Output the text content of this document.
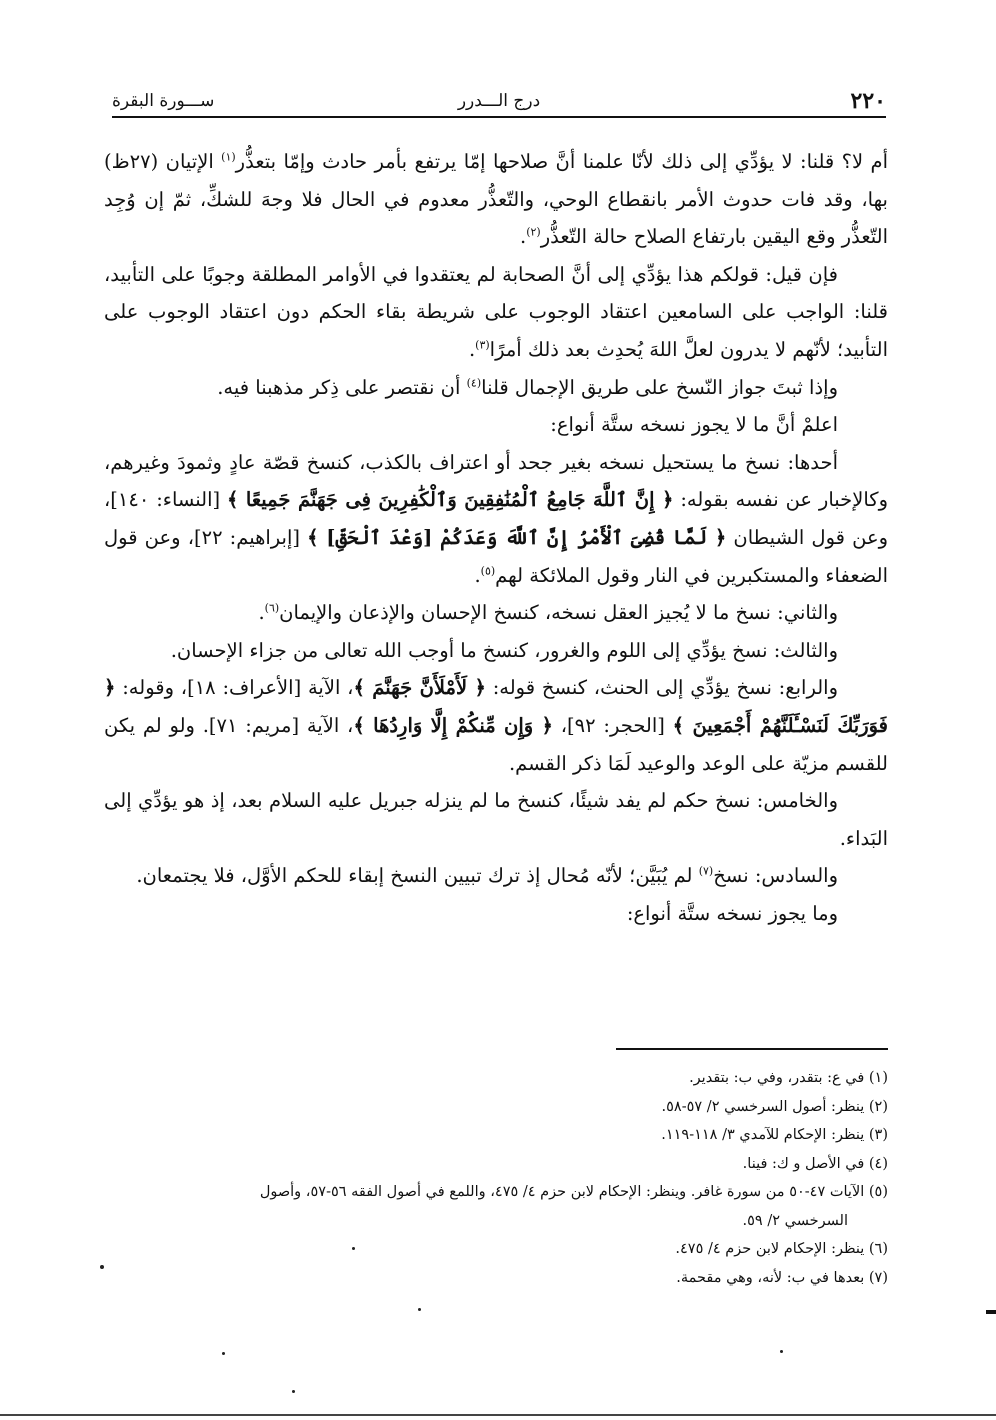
٢٢٠
درج الـــدرر
ســـورة البقرة

أم لا؟ قلنا: لا يؤدِّي إلى ذلك لأنّا علمنا أنَّ صلاحها إمّا يرتفع بأمر حادث وإمّا بتعذُّر$^{(١)}$ الإتيان (٢٧ظ) بها، وقد فات حدوث الأمر بانقطاع الوحي، والتّعذُّر معدوم في الحال فلا وجهَ للشكِّ، ثمّ إن وُجِد التّعذُّر وقع اليقين بارتفاع الصلاح حالة التّعذُّر$^{(٢)}$.

فإن قيل: قولكم هذا يؤدِّي إلى أنَّ الصحابة لم يعتقدوا في الأوامر المطلقة وجوبًا على التأبيد، قلنا: الواجب على السامعين اعتقاد الوجوب على شريطة بقاء الحكم دون اعتقاد الوجوب على التأبيد؛ لأنّهم لا يدرون لعلَّ اللهَ يُحدِث بعد ذلك أمرًا$^{(٣)}$.

وإذا ثبتَ جواز النّسخ على طريق الإجمال قلنا$^{(٤)}$ أن نقتصر على ذِكر مذهبنا فيه.

اعلمْ أنَّ ما لا يجوز نسخه ستَّة أنواع:

أحدها: نسخ ما يستحيل نسخه بغير جحد أو اعتراف بالكذب، كنسخ قصّة عادٍ وثمودَ وغيرهم، وكالإخبار عن نفسه بقوله: ﴿ إِنَّ ٱللَّهَ جَامِعُ ٱلْمُنَٰفِقِينَ وَٱلْكَٰفِرِينَ فِى جَهَنَّمَ جَمِيعًا ﴾ [النساء: ١٤٠]، وعن قول الشيطان ﴿ لَمَّا قُضِىَ ٱلْأَمْرُ إِنَّ ٱللَّهَ وَعَدَكُمْ [وَعْدَ ٱلْحَقِّ] ﴾ [إبراهيم: ٢٢]، وعن قول الضعفاء والمستكبرين في النار وقول الملائكة لهم$^{(٥)}$.

والثاني: نسخ ما لا يُجيز العقل نسخه، كنسخ الإحسان والإذعان والإيمان$^{(٦)}$.

والثالث: نسخ يؤدِّي إلى اللوم والغرور، كنسخ ما أوجب الله تعالى من جزاء الإحسان.

والرابع: نسخ يؤدِّي إلى الحنث، كنسخ قوله: ﴿ لَأَمْلَأَنَّ جَهَنَّمَ ﴾، الآية [الأعراف: ١٨]، وقوله: ﴿ فَوَرَبِّكَ لَنَسْـَٔلَنَّهُمْ أَجْمَعِينَ ﴾ [الحجر: ٩٢]، ﴿ وَإِن مِّنكُمْ إِلَّا وَارِدُهَا ﴾، الآية [مريم: ٧١]. ولو لم يكن للقسم مزيّة على الوعد والوعيد لَمَا ذكر القسم.

والخامس: نسخ حكم لم يفد شيئًا، كنسخ ما لم ينزله جبريل عليه السلام بعد، إذ هو يؤدِّي إلى البَداء.

والسادس: نسخ$^{(٧)}$ لم يُبَيَّن؛ لأنّه مُحال إذ ترك تبيين النسخ إبقاء للحكم الأوَّل، فلا يجتمعان.

وما يجوز نسخه ستَّة أنواع:

(١) في ع: بتقدر، وفي ب: بتقدير.

(٢) ينظر: أصول السرخسي ٢/ ٥٧-٥٨.

(٣) ينظر: الإحكام للآمدي ٣/ ١١٨-١١٩.

(٤) في الأصل و ك: فينا.

(٥) الآيات ٤٧-٥٠ من سورة غافر. وينظر: الإحكام لابن حزم ٤/ ٤٧٥، واللمع في أصول الفقه ٥٦-٥٧، وأصول
السرخسي ٢/ ٥٩.

(٦) ينظر: الإحكام لابن حزم ٤/ ٤٧٥.

(٧) بعدها في ب: لأنه، وهي مقحمة.
